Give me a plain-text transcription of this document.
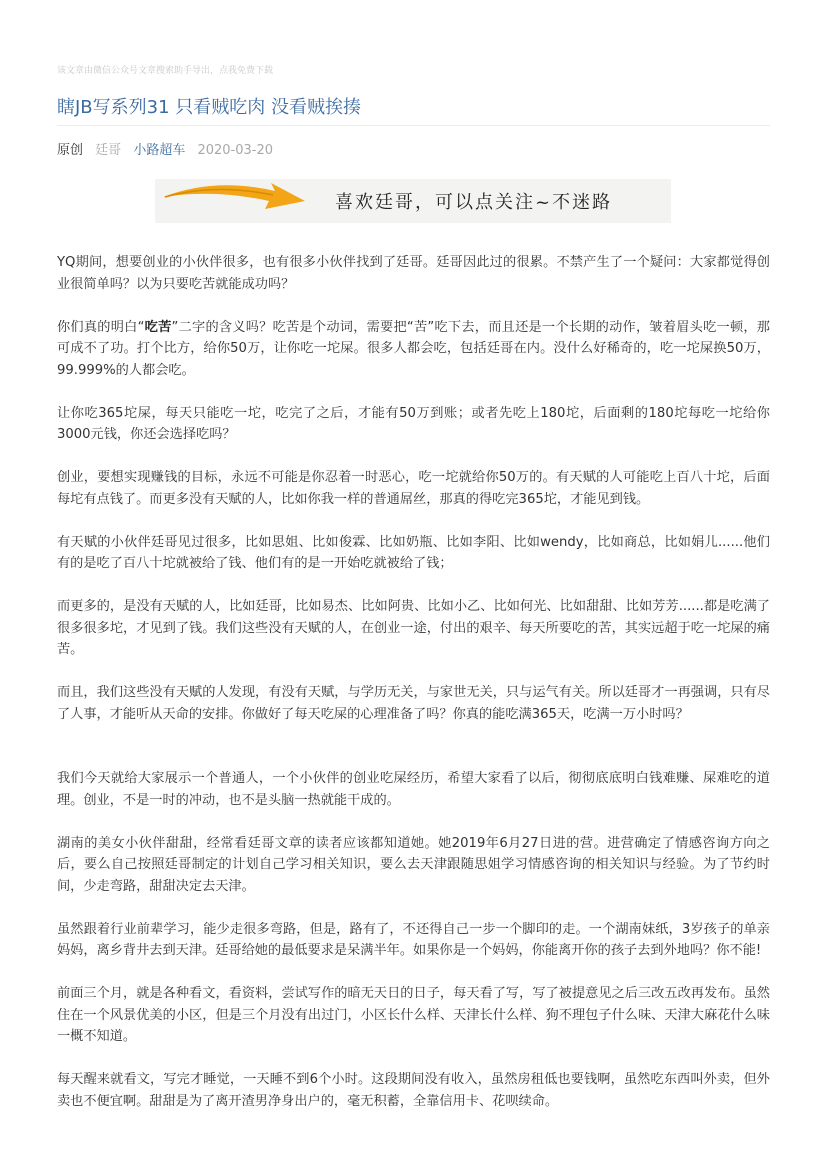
该文章由微信公众号文章搜索助手导出，点我免费下载
瞎JB写系列31 只看贼吃肉 没看贼挨揍
原创 廷哥 小路超车 2020-03-20
喜欢廷哥，可以点关注~不迷路

YQ期间，想要创业的小伙伴很多，也有很多小伙伴找到了廷哥。廷哥因此过的很累。不禁产生了一个疑问：大家都觉得创业很简单吗？以为只要吃苦就能成功吗？

你们真的明白“吃苦”二字的含义吗？吃苦是个动词，需要把“苦”吃下去，而且还是一个长期的动作，皱着眉头吃一顿，那可成不了功。打个比方，给你50万，让你吃一坨屎。很多人都会吃，包括廷哥在内。没什么好稀奇的，吃一坨屎换50万，99.999%的人都会吃。

让你吃365坨屎，每天只能吃一坨，吃完了之后，才能有50万到账；或者先吃上180坨，后面剩的180坨每吃一坨给你3000元钱，你还会选择吃吗？

创业，要想实现赚钱的目标，永远不可能是你忍着一时恶心，吃一坨就给你50万的。有天赋的人可能吃上百八十坨，后面每坨有点钱了。而更多没有天赋的人，比如你我一样的普通屌丝，那真的得吃完365坨，才能见到钱。

有天赋的小伙伴廷哥见过很多，比如思姐、比如俊霖、比如奶瓶、比如李阳、比如wendy，比如商总，比如娟儿......他们有的是吃了百八十坨就被给了钱、他们有的是一开始吃就被给了钱；

而更多的，是没有天赋的人，比如廷哥，比如易杰、比如阿贵、比如小乙、比如何光、比如甜甜、比如芳芳......都是吃满了很多很多坨，才见到了钱。我们这些没有天赋的人，在创业一途，付出的艰辛、每天所要吃的苦，其实远超于吃一坨屎的痛苦。

而且，我们这些没有天赋的人发现，有没有天赋，与学历无关，与家世无关，只与运气有关。所以廷哥才一再强调，只有尽了人事，才能听从天命的安排。你做好了每天吃屎的心理准备了吗？你真的能吃满365天，吃满一万小时吗？

我们今天就给大家展示一个普通人，一个小伙伴的创业吃屎经历，希望大家看了以后，彻彻底底明白钱难赚、屎难吃的道理。创业，不是一时的冲动，也不是头脑一热就能干成的。

湖南的美女小伙伴甜甜，经常看廷哥文章的读者应该都知道她。她2019年6月27日进的营。进营确定了情感咨询方向之后，要么自己按照廷哥制定的计划自己学习相关知识，要么去天津跟随思姐学习情感咨询的相关知识与经验。为了节约时间，少走弯路，甜甜决定去天津。

虽然跟着行业前辈学习，能少走很多弯路，但是，路有了，不还得自己一步一个脚印的走。一个湖南妹纸，3岁孩子的单亲妈妈，离乡背井去到天津。廷哥给她的最低要求是呆满半年。如果你是一个妈妈，你能离开你的孩子去到外地吗？你不能!

前面三个月，就是各种看文，看资料，尝试写作的暗无天日的日子，每天看了写，写了被提意见之后三改五改再发布。虽然住在一个风景优美的小区，但是三个月没有出过门，小区长什么样、天津长什么样、狗不理包子什么味、天津大麻花什么味一概不知道。

每天醒来就看文，写完才睡觉，一天睡不到6个小时。这段期间没有收入，虽然房租低也要钱啊，虽然吃东西叫外卖，但外卖也不便宜啊。甜甜是为了离开渣男净身出户的，毫无积蓄，全靠信用卡、花呗续命。
